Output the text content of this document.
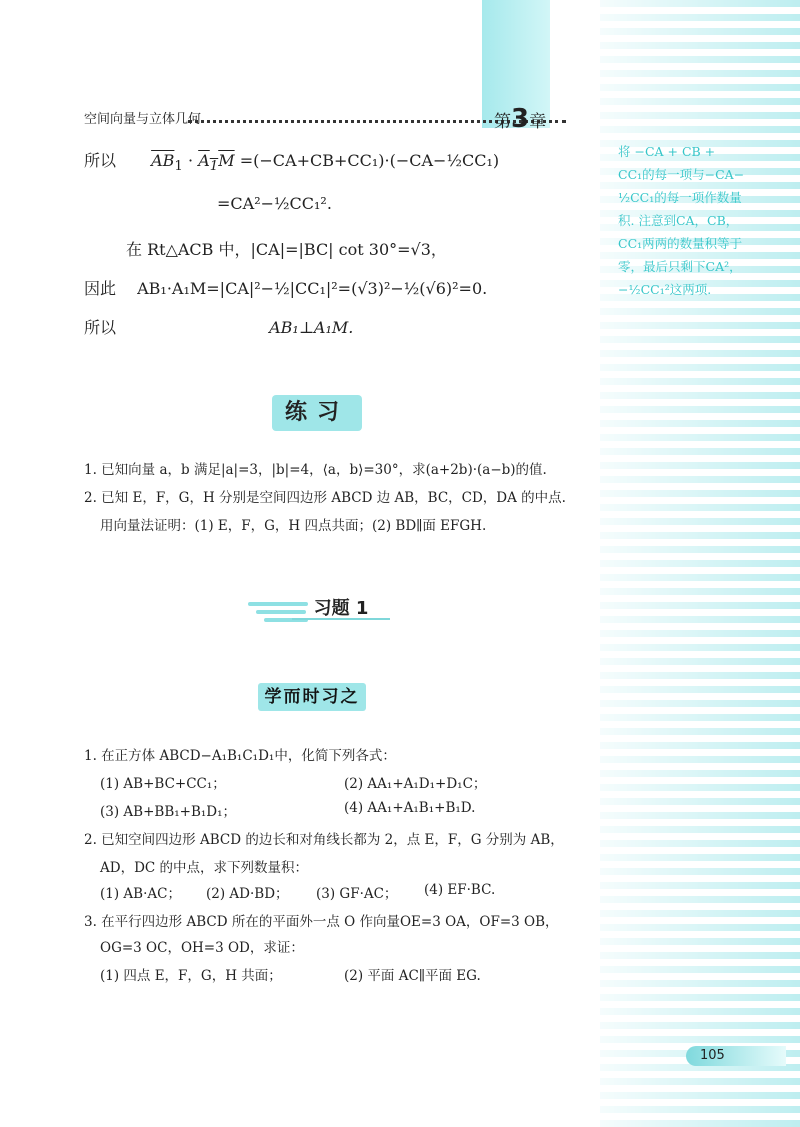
空间向量与立体几何	第3章
所以 $\overline{AB}_1 \cdot A_1M$ =(−CA+CB+CC₁)·(−CA−½CC₁)
=CA²−½CC₁².
在 Rt△ACB 中，|CA|=|BC| cot 30°=√3，
因此 AB₁·A₁M=|CA|²−½|CC₁|²=(√3)²−½(√6)²=0.
所以	AB₁⊥A₁M.
将 −CA + CB +
CC₁的每一项与−CA−
½CC₁的每一项作数量
积. 注意到CA，CB，
CC₁两两的数量积等于
零，最后只剩下CA²，
−½CC₁²这两项.
练习
1. 已知向量 a，b 满足|a|=3，|b|=4，⟨a，b⟩=30°，求(a+2b)·(a−b)的值.
2. 已知 E，F，G，H 分别是空间四边形 ABCD 边 AB，BC，CD，DA 的中点.
用向量法证明：(1) E，F，G，H 四点共面；(2) BD∥面 EFGH.
习题 1
学而时习之
1. 在正方体 ABCD−A₁B₁C₁D₁中，化简下列各式：
(1) AB+BC+CC₁；	(2) AA₁+A₁D₁+D₁C；
(3) AB+BB₁+B₁D₁；	(4) AA₁+A₁B₁+B₁D.
2. 已知空间四边形 ABCD 的边长和对角线长都为 2，点 E，F，G 分别为 AB，
AD，DC 的中点，求下列数量积：
(1) AB·AC； (2) AD·BD； (3) GF·AC； (4) EF·BC.
3. 在平行四边形 ABCD 所在的平面外一点 O 作向量OE=3 OA，OF=3 OB，
OG=3 OC，OH=3 OD，求证：
(1) 四点 E，F，G，H 共面；	(2) 平面 AC∥平面 EG.
105
